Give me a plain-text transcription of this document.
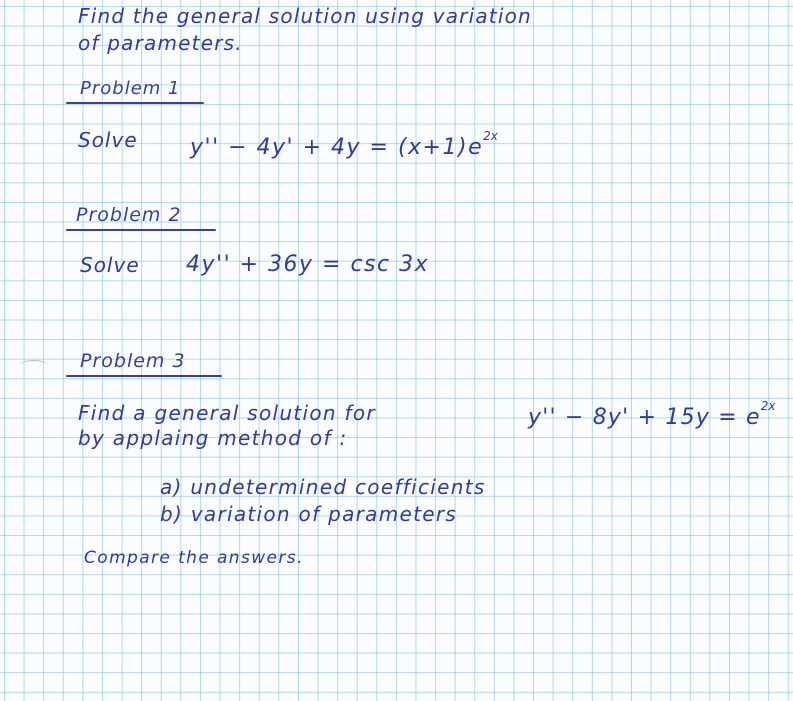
Find the general solution using variation
of parameters.
Problem 1
Solve $y'' - 4y' + 4y = (x+1)e^{2x}$
Problem 2
Solve 4y'' + 36y = csc 3x
Problem 3
Find a general solution for	$y'' - 8y' + 15y = e^{2x}$
by applaing method of :
a) undetermined coefficients
b) variation of parameters
Compare the answers.
